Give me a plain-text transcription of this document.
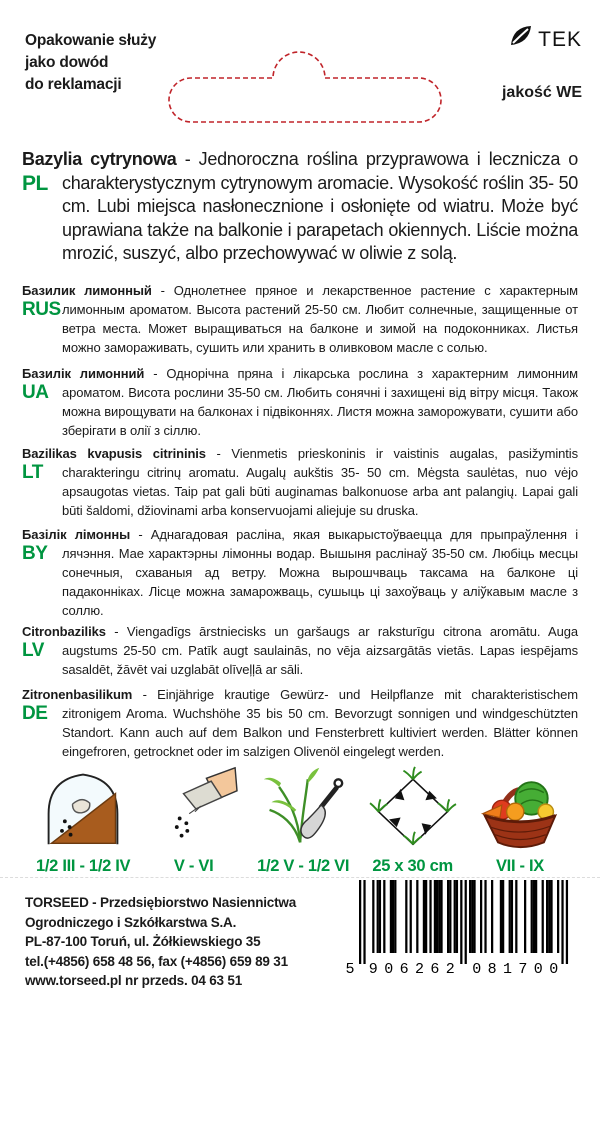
Opakowanie służy
jako dowód
do reklamacji
TEK
jakość WE
PL

Bazylia cytrynowa - Jednoroczna roślina przyprawowa i lecznicza o charakterystycznym cytrynowym aromacie. Wysokość roślin 35- 50 cm. Lubi miejsca nasłonecznione i osłonięte od wiatru. Może być uprawiana także na balkonie i parapetach okiennych. Liście można mrozić, suszyć, albo przechowywać w oliwie z solą.

RUS

Базилик лимонный - Однолетнее пряное и лекарственное растение с характерным лимонным ароматом. Высота растений 25-50 см. Любит солнечные, защищенные от ветра места. Может выращиваться на балконе и зимой на подоконниках. Листья можно замораживать, сушить или хранить в оливковом масле с солью.

UA

Базилік лимонний - Однорічна пряна і лікарська рослина з характерним лимонним ароматом. Висота рослини 35-50 см. Любить сонячні і захищені від вітру місця. Також можна вирощувати на балконах і підвіконнях. Листя можна заморожувати, сушити або зберігати в олії з сіллю.

LT

Bazilikas kvapusis citrininis - Vienmetis prieskoninis ir vaistinis augalas, pasižymintis charakteringu citrinų aromatu. Augalų aukštis 35- 50 cm. Mėgsta saulėtas, nuo vėjo apsaugotas vietas. Taip pat gali būti auginamas balkonuose arba ant palangių. Lapai gali būti šaldomi, džiovinami arba konservuojami aliejuje su druska.

BY

Базілік лімонны - Аднагадовая расліна, якая выкарыстоўваецца для прыпраўлення і лячэння. Мае характэрны лімонны водар. Вышыня раслінаў 35-50 см. Любіць месцы сонечныя, схаваныя ад ветру. Можна вырошчваць таксама на балконе ці падаконніках. Лісце можна замарожваць, сушыць ці захоўваць у аліўкавым масле з соллю.

LV

Citronbaziliks - Viengadīgs ārstniecisks un garšaugs ar raksturīgu citrona aromātu. Auga augstums 25-50 cm. Patīk augt saulainās, no vēja aizsargātās vietās. Lapas iespējams sasaldēt, žāvēt vai uzglabāt olīveļļā ar sāli.

DE

Zitronenbasilikum - Einjährige krautige Gewürz- und Heilpflanze mit charakteristischem zitronigem Aroma. Wuchshöhe 35 bis 50 cm. Bevorzugt sonnigen und windgeschützten Standort. Kann auch auf dem Balkon und Fensterbrett kultiviert werden. Blätter können eingefroren, getrocknet oder im salzigen Olivenöl eingelegt werden.

1/2 III - 1/2 IV	V - VI	1/2 V - 1/2 VI 25 x 30 cm	VII - IX
TORSEED - Przedsiębiorstwo Nasiennictwa
Ogrodniczego i Szkółkarstwa S.A.
PL-87-100 Toruń, ul. Żółkiewskiego 35
tel.(+4856) 658 48 56, fax (+4856) 659 89 31
www.torseed.pl nr przeds. 04 63 51
5 9	0
0	8
6	1
2	7
6	0
2	0
